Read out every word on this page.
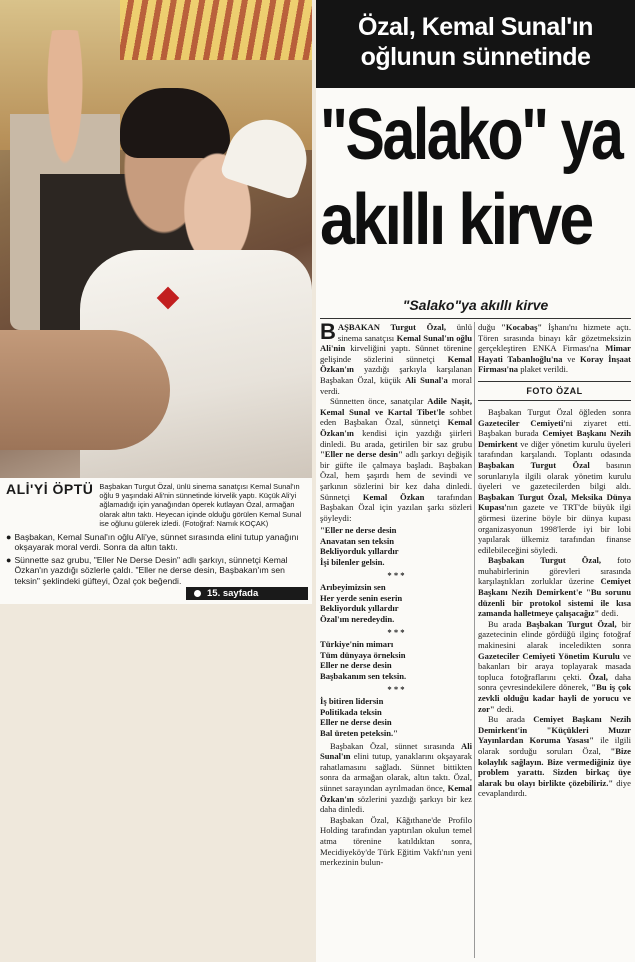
ALİ'Yİ ÖPTÜ Başbakan Turgut Özal, ünlü sinema sanatçısı Kemal Sunal'ın oğlu 9 yaşındaki Ali'nin sünnetinde kirvelik yaptı. Küçük Ali'yi ağlamadığı için yanağından öperek kutlayan Özal, armağan olarak altın taktı. Heyecan içinde olduğu görülen Kemal Sunal ise oğlunu gülerek izledi. (Fotoğraf: Namık KOÇAK)
● Başbakan, Kemal Sunal'ın oğlu Ali'ye, sünnet sırasında elini tutup yanağını okşayarak moral verdi. Sonra da altın taktı.
● Sünnette saz grubu, "Eller Ne Derse Desin" adlı şarkıyı, sünnetçi Kemal Özkan'ın yazdığı sözlerle çaldı. "Eller ne derse desin, Başbakan'ım sen teksin" şeklindeki güfteyi, Özal çok beğendi.
15. sayfada
Özal, Kemal Sunal'ın
oğlunun sünnetinde
"Salako" ya
akıllı kirve
"Salako"ya akıllı kirve

BAŞBAKAN Turgut Özal, ünlü sinema sanatçısı Kemal Sunal'ın oğlu Ali'nin kirveliğini yaptı. Sünnet törenine gelişinde sözlerini sünnetçi Kemal Özkan'ın yazdığı şarkıyla karşılanan Başbakan Özal, küçük Ali Sunal'a moral verdi.

Sünnetten önce, sanatçılar Adile Naşit, Kemal Sunal ve Kartal Tibet'le sohbet eden Başbakan Özal, sünnetçi Kemal Özkan'ın kendisi için yazdığı şiirleri dinledi. Bu arada, getirilen bir saz grubu "Eller ne derse desin" adlı şarkıyı değişik bir güfte ile çalmaya başladı. Başbakan Özal, hem şaşırdı hem de sevindi ve şarkının sözlerini bir kez daha dinledi. Sünnetçi Kemal Özkan tarafından Başbakan Özal için yazılan şarkı sözleri şöyleydi:

"Eller ne derse desin
Anavatan sen teksin
Bekliyorduk yıllardır
İşi bilenler gelsin.
* * *
Arıbeyimizsin sen
Her yerde senin eserin
Bekliyorduk yıllardır
Özal'ım neredeydin.
* * *
Türkiye'nin mimarı
Tüm dünyaya örneksin
Eller ne derse desin
Başbakanım sen teksin.
* * *
İş bitiren lidersin
Politikada teksin
Eller ne derse desin
Bal üreten peteksin."

Başbakan Özal, sünnet sırasında Ali Sunal'ın elini tutup, yanaklarını okşayarak rahatlamasını sağladı. Sünnet bittikten sonra da armağan olarak, altın taktı. Özal, sünnet sarayından ayrılmadan önce, Kemal Özkan'ın sözlerini yazdığı şarkıyı bir kez daha dinledi.

Başbakan Özal, Kâğıthane'de Profilo Holding tarafından yaptırılan okulun temel atma törenine katıldıktan sonra, Mecidiyeköy'de Türk Eğitim Vakfı'nın yeni merkezinin bulun-

duğu "Kocabaş" İşhanı'nı hizmete açtı. Tören sırasında binayı kâr gözetmeksizin gerçekleştiren ENKA Firması'na Mimar Hayati Tabanlıoğlu'na ve Koray İnşaat Firması'na plaket verildi.

FOTO ÖZAL

Başbakan Turgut Özal öğleden sonra Gazeteciler Cemiyeti'ni ziyaret etti. Başbakan burada Cemiyet Başkanı Nezih Demirkent ve diğer yönetim kurulu üyeleri tarafından karşılandı. Toplantı odasında Başbakan Turgut Özal basının sorunlarıyla ilgili olarak yönetim kurulu üyeleri ve gazetecilerden bilgi aldı. Başbakan Turgut Özal, Meksika Dünya Kupası'nın gazete ve TRT'de büyük ilgi görmesi üzerine böyle bir dünya kupası organizasyonun 1998'lerde iyi bir lobi yapılarak ülkemiz tarafından finanse edilebileceğini söyledi.

Başbakan Turgut Özal, foto muhabirlerinin görevleri sırasında karşılaştıkları zorluklar üzerine Cemiyet Başkanı Nezih Demirkent'e "Bu sorunu düzenli bir protokol sistemi ile kısa zamanda halletmeye çalışacağız" dedi.

Bu arada Başbakan Turgut Özal, bir gazetecinin elinde gördüğü ilginç fotoğraf makinesini alarak inceledikten sonra Gazeteciler Cemiyeti Yönetim Kurulu ve bakanları bir araya toplayarak masada topluca fotoğraflarını çekti. Özal, daha sonra çevresindekilere dönerek, "Bu iş çok zevkli olduğu kadar hayli de yorucu ve zor" dedi.

Bu arada Cemiyet Başkanı Nezih Demirkent'in "Küçükleri Muzır Yayınlardan Koruma Yasası" ile ilgili olarak sorduğu soruları Özal, "Bize kolaylık sağlayın. Bize vermediğiniz üye problem yarattı. Sizden birkaç üye alarak bu olayı birlikte çözebiliriz." diye cevaplandırdı.
